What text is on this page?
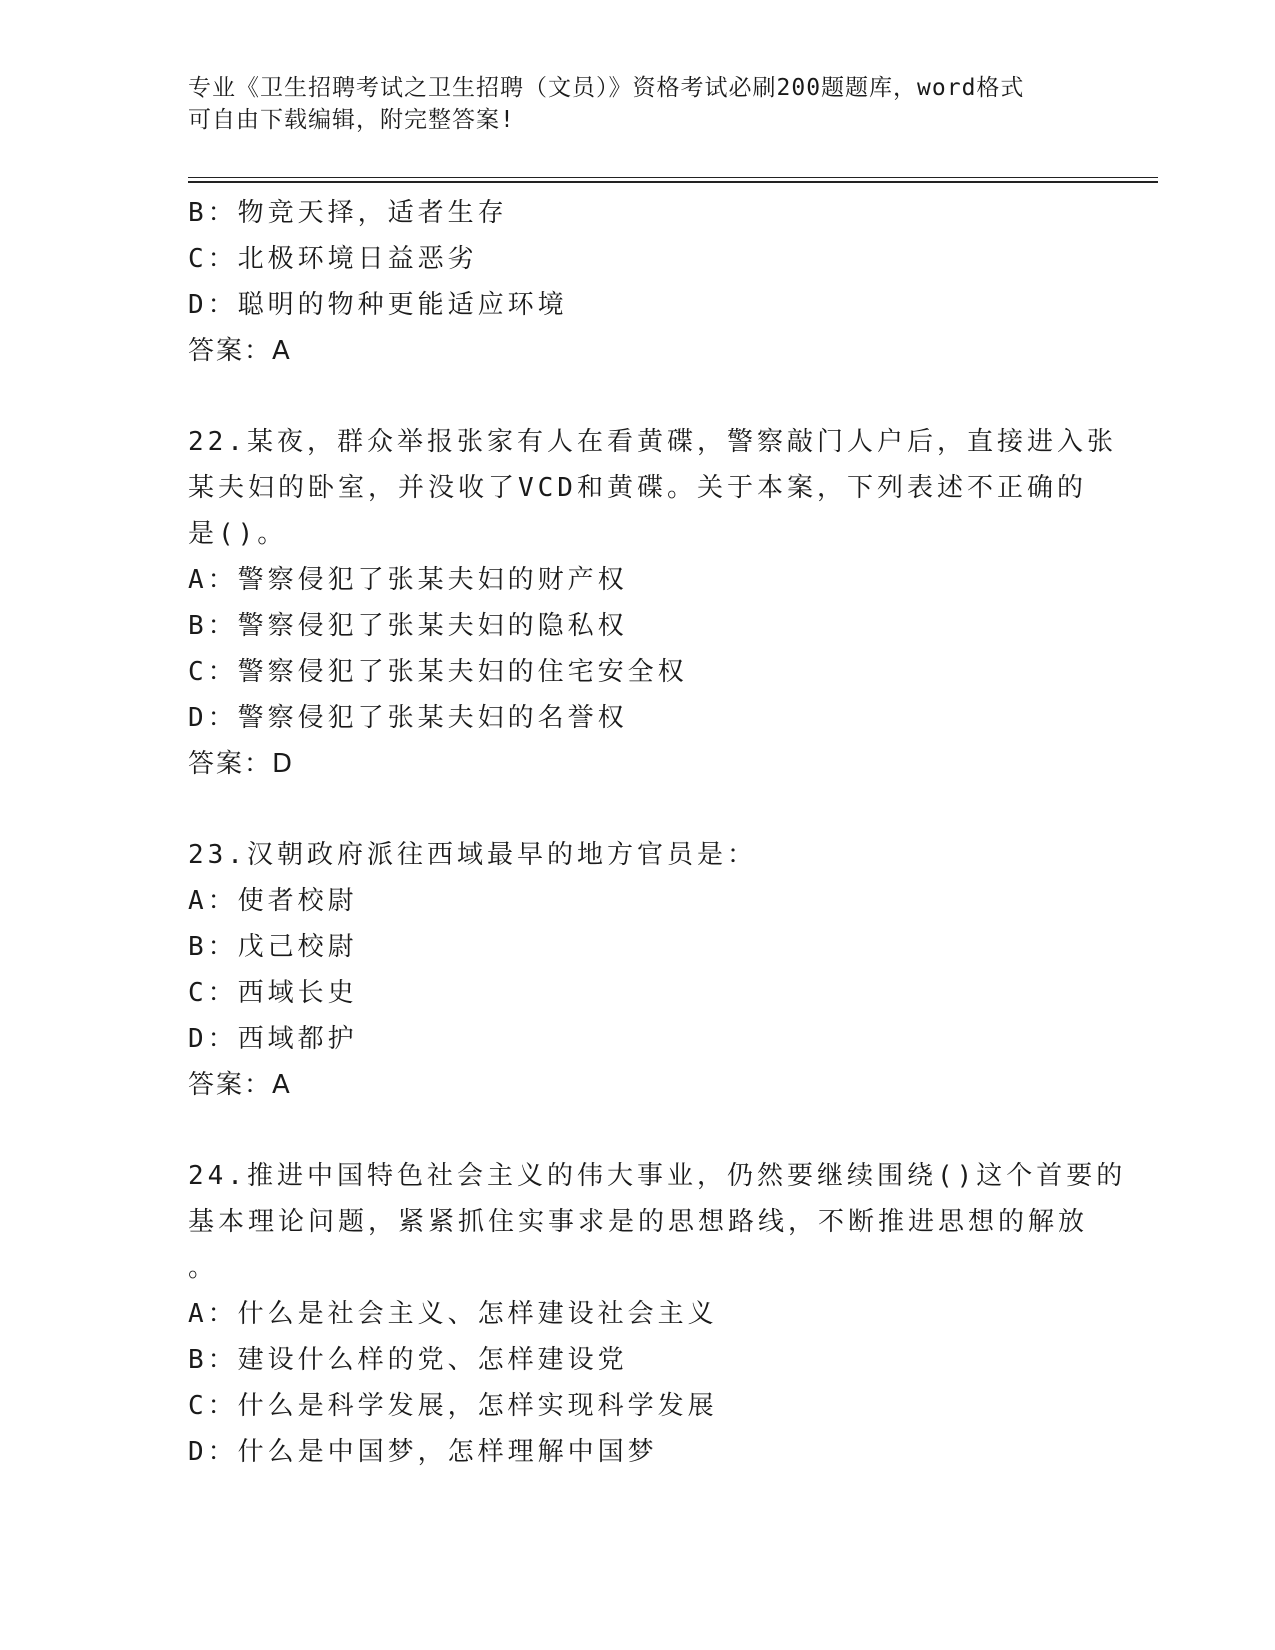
专业《卫生招聘考试之卫生招聘（文员）》资格考试必刷200题题库，word格式
可自由下载编辑，附完整答案!
B：物竞天择，适者生存
C：北极环境日益恶劣
D：聪明的物种更能适应环境
答案：A
22.某夜，群众举报张家有人在看黄碟，警察敲门人户后，直接进入张
某夫妇的卧室，并没收了VCD和黄碟。关于本案，下列表述不正确的
是()。
A：警察侵犯了张某夫妇的财产权
B：警察侵犯了张某夫妇的隐私权
C：警察侵犯了张某夫妇的住宅安全权
D：警察侵犯了张某夫妇的名誉权
答案：D
23.汉朝政府派往西域最早的地方官员是：
A：使者校尉
B：戊己校尉
C：西域长史
D：西域都护
答案：A
24.推进中国特色社会主义的伟大事业，仍然要继续围绕()这个首要的
基本理论问题，紧紧抓住实事求是的思想路线，不断推进思想的解放
。
A：什么是社会主义、怎样建设社会主义
B：建设什么样的党、怎样建设党
C：什么是科学发展，怎样实现科学发展
D：什么是中国梦，怎样理解中国梦
